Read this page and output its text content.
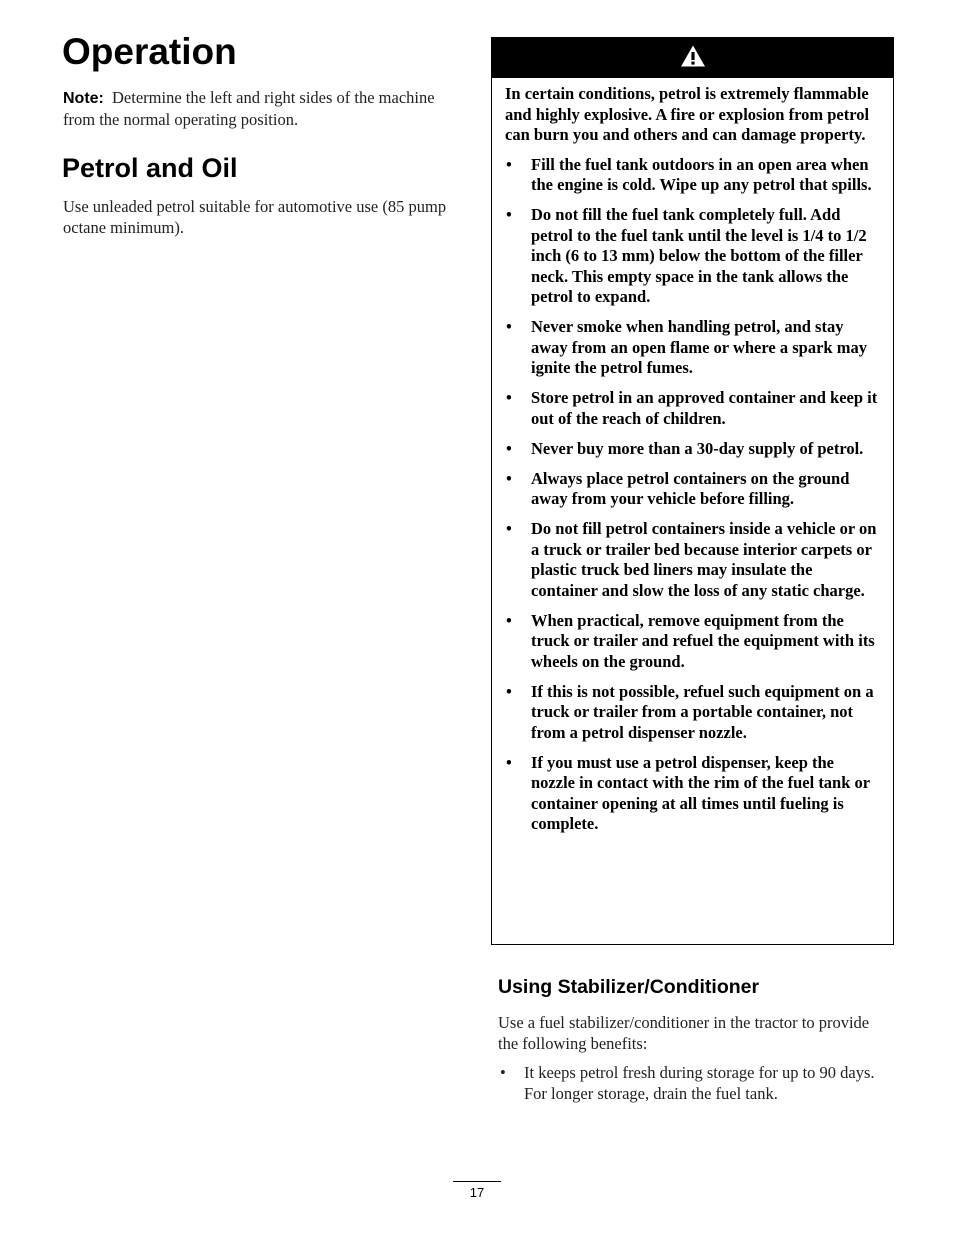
Operation

Note: Determine the left and right sides of the machine from the normal operating position.

Petrol and Oil

Use unleaded petrol suitable for automotive use (85 pump octane minimum).

In certain conditions, petrol is extremely flammable and highly explosive. A fire or explosion from petrol can burn you and others and can damage property.

• Fill the fuel tank outdoors in an open area when the engine is cold. Wipe up any petrol that spills.
• Do not fill the fuel tank completely full. Add petrol to the fuel tank until the level is 1/4 to 1/2 inch (6 to 13 mm) below the bottom of the filler neck. This empty space in the tank allows the petrol to expand.
• Never smoke when handling petrol, and stay away from an open flame or where a spark may ignite the petrol fumes.
• Store petrol in an approved container and keep it out of the reach of children.
• Never buy more than a 30-day supply of petrol.
• Always place petrol containers on the ground away from your vehicle before filling.
• Do not fill petrol containers inside a vehicle or on a truck or trailer bed because interior carpets or plastic truck bed liners may insulate the container and slow the loss of any static charge.
• When practical, remove equipment from the truck or trailer and refuel the equipment with its wheels on the ground.
• If this is not possible, refuel such equipment on a truck or trailer from a portable container, not from a petrol dispenser nozzle.
• If you must use a petrol dispenser, keep the nozzle in contact with the rim of the fuel tank or container opening at all times until fueling is complete.
Using Stabilizer/Conditioner

Use a fuel stabilizer/conditioner in the tractor to provide the following benefits:

• It keeps petrol fresh during storage for up to 90 days. For longer storage, drain the fuel tank.
17
